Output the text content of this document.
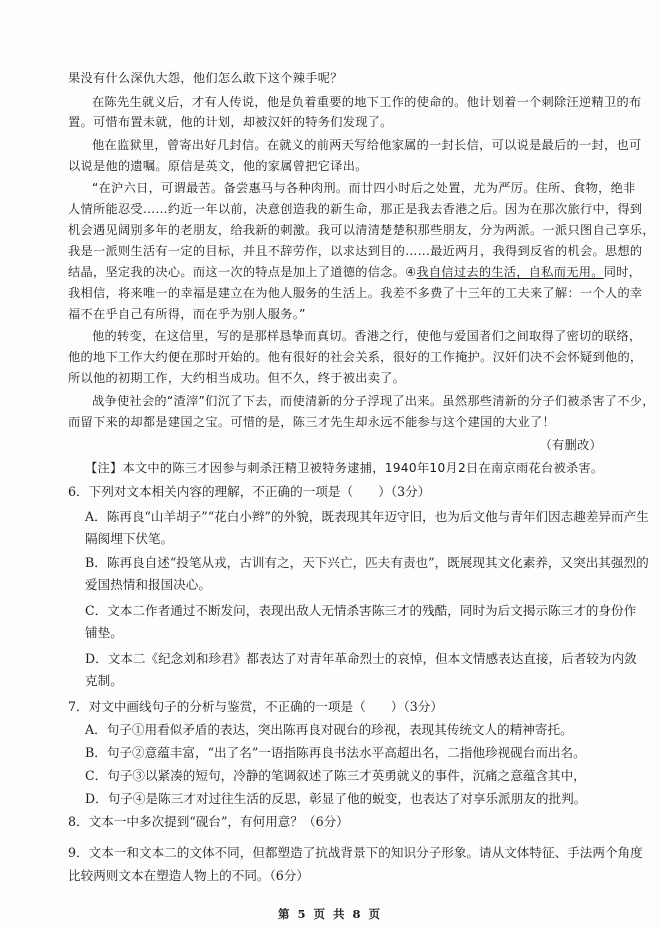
果没有什么深仇大怨，他们怎么敢下这个辣手呢？
在陈先生就义后，才有人传说，他是负着重要的地下工作的使命的。他计划着一个刺除汪逆精卫的布
置。可惜布置未就，他的计划，却被汉奸的特务们发现了。
他在监狱里，曾寄出好几封信。在就义的前两天写给他家属的一封长信，可以说是最后的一封，也可
以说是他的遗嘱。原信是英文，他的家属曾把它译出。
“在沪六日，可谓最苦。备尝惠马与各种肉刑。而廿四小时后之处置，尤为严厉。住所、食物，绝非
人情所能忍受……约近一年以前，决意创造我的新生命，那正是我去香港之后。因为在那次旅行中，得到
机会遇见阔别多年的老朋友，给我新的刺激。我可以清清楚楚积那些朋友，分为两派。一派只图自己享乐，
我是一派则生活有一定的目标，并且不辞劳作，以求达到目的……最近两月，我得到反省的机会。思想的
结晶，坚定我的决心。而这一次的特点是加上了道德的信念。④我自信过去的生活，自私而无用。同时，
我相信，将来唯一的幸福是建立在为他人服务的生活上。我差不多费了十三年的工夫来了解：一个人的幸
福不在乎自己有所得，而在乎为别人服务。”
他的转变，在这信里，写的是那样恳挚而真切。香港之行，使他与爱国者们之间取得了密切的联络，
他的地下工作大约便在那时开始的。他有很好的社会关系，很好的工作掩护。汉奸们决不会怀疑到他的，
所以他的初期工作，大约相当成功。但不久，终于被出卖了。
战争使社会的“渣滓”们沉了下去，而使清新的分子浮现了出来。虽然那些清新的分子们被杀害了不少，
而留下来的却都是建国之宝。可惜的是，陈三才先生却永远不能参与这个建国的大业了！
（有删改）
【注】本文中的陈三才因参与刺杀汪精卫被特务逮捕，1940年10月2日在南京雨花台被杀害。
6．下列对文本相关内容的理解，不正确的一项是（　　）（3分）
A．陈再良“山羊胡子”“花白小辫”的外貌，既表现其年迈守旧，也为后文他与青年们因志趣差异而产生
隔阂埋下伏笔。
B．陈再良自述“投笔从戎，古训有之，天下兴亡，匹夫有责也”，既展现其文化素养，又突出其强烈的
爱国热情和报国决心。
C．文本二作者通过不断发问，表现出敌人无情杀害陈三才的残酷，同时为后文揭示陈三才的身份作
铺垫。
D．文本二《纪念刘和珍君》都表达了对青年革命烈士的哀悼，但本文情感表达直接，后者较为内敛
克制。
7．对文中画线句子的分析与鉴赏，不正确的一项是（　　）（3分）
A．句子①用看似矛盾的表达，突出陈再良对砚台的珍视，表现其传统文人的精神寄托。
B．句子②意蕴丰富，“出了名”一语指陈再良书法水平高超出名，二指他珍视砚台而出名。
C．句子③以紧凑的短句，冷静的笔调叙述了陈三才英勇就义的事件，沉痛之意蕴含其中，
D．句子④是陈三才对过往生活的反思，彰显了他的蜕变，也表达了对享乐派朋友的批判。
8．文本一中多次提到“砚台”，有何用意？（6分）
9．文本一和文本二的文体不同，但都塑造了抗战背景下的知识分子形象。请从文体特征、手法两个角度
比较两则文本在塑造人物上的不同。（6分）
第 5 页 共 8 页
